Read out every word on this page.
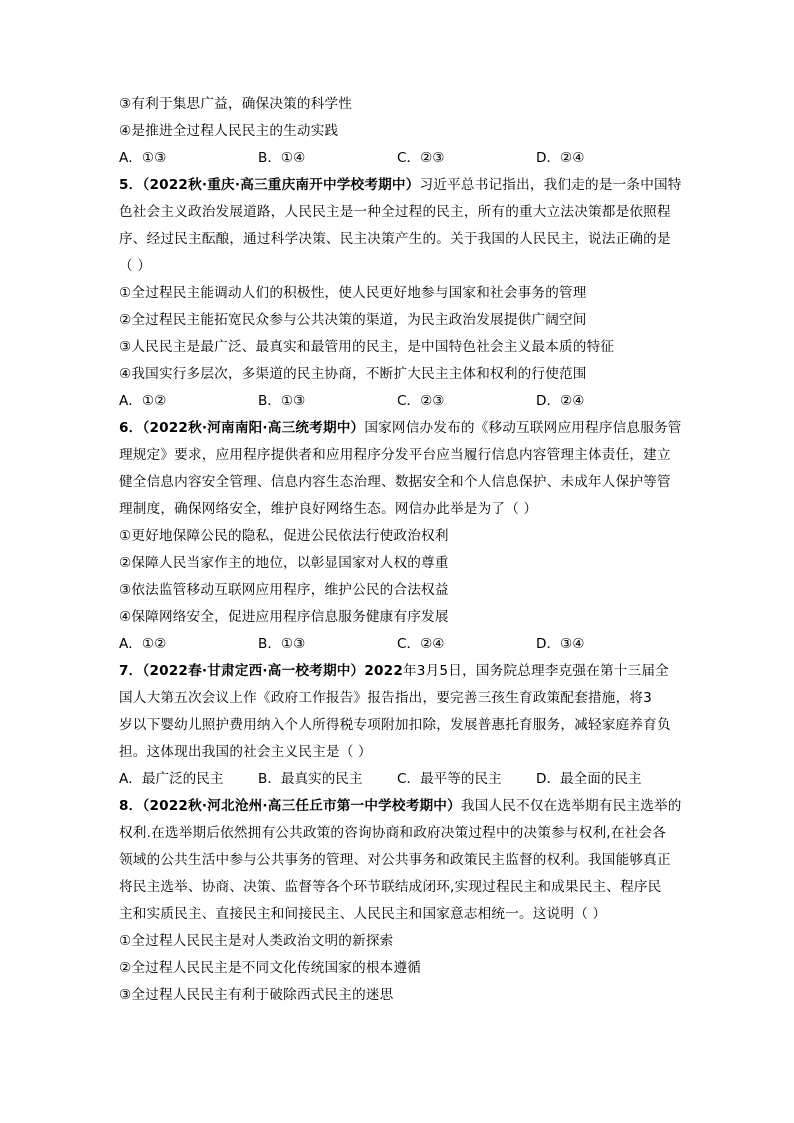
③有利于集思广益，确保决策的科学性
④是推进全过程人民民主的生动实践
A．①③	B．①④	C．②③	D．②④
5．（2022秋·重庆·高三重庆南开中学校考期中）习近平总书记指出，我们走的是一条中国特
色社会主义政治发展道路，人民民主是一种全过程的民主，所有的重大立法决策都是依照程
序、经过民主酝酿，通过科学决策、民主决策产生的。关于我国的人民民主，说法正确的是
（ ）
①全过程民主能调动人们的积极性，使人民更好地参与国家和社会事务的管理
②全过程民主能拓宽民众参与公共决策的渠道，为民主政治发展提供广阔空间
③人民民主是最广泛、最真实和最管用的民主，是中国特色社会主义最本质的特征
④我国实行多层次，多渠道的民主协商，不断扩大民主主体和权利的行使范围
A．①②	B．①③	C．②③	D．②④
6．（2022秋·河南南阳·高三统考期中）国家网信办发布的《移动互联网应用程序信息服务管
理规定》要求，应用程序提供者和应用程序分发平台应当履行信息内容管理主体责任，建立
健全信息内容安全管理、信息内容生态治理、数据安全和个人信息保护、未成年人保护等管
理制度，确保网络安全，维护良好网络生态。网信办此举是为了（ ）
①更好地保障公民的隐私，促进公民依法行使政治权利
②保障人民当家作主的地位，以彰显国家对人权的尊重
③依法监管移动互联网应用程序，维护公民的合法权益
④保障网络安全，促进应用程序信息服务健康有序发展
A．①②	B．①③	C．②④	D．③④
7．（2022春·甘肃定西·高一校考期中）2022年3月5日，国务院总理李克强在第十三届全
国人大第五次会议上作《政府工作报告》报告指出，要完善三孩生育政策配套措施，将3
岁以下婴幼儿照护费用纳入个人所得税专项附加扣除，发展普惠托育服务，减轻家庭养育负
担。这体现出我国的社会主义民主是（ ）
A．最广泛的民主	B．最真实的民主	C．最平等的民主	D．最全面的民主
8．（2022秋·河北沧州·高三任丘市第一中学校考期中）我国人民不仅在选举期有民主选举的
权利.在选举期后依然拥有公共政策的咨询协商和政府决策过程中的决策参与权利,在社会各
领域的公共生活中参与公共事务的管理、对公共事务和政策民主监督的权利。我国能够真正
将民主选举、协商、决策、监督等各个环节联结成闭环,实现过程民主和成果民主、程序民
主和实质民主、直接民主和间接民主、人民民主和国家意志相统一。这说明（ ）
①全过程人民民主是对人类政治文明的新探索
②全过程人民民主是不同文化传统国家的根本遵循
③全过程人民民主有利于破除西式民主的迷思
